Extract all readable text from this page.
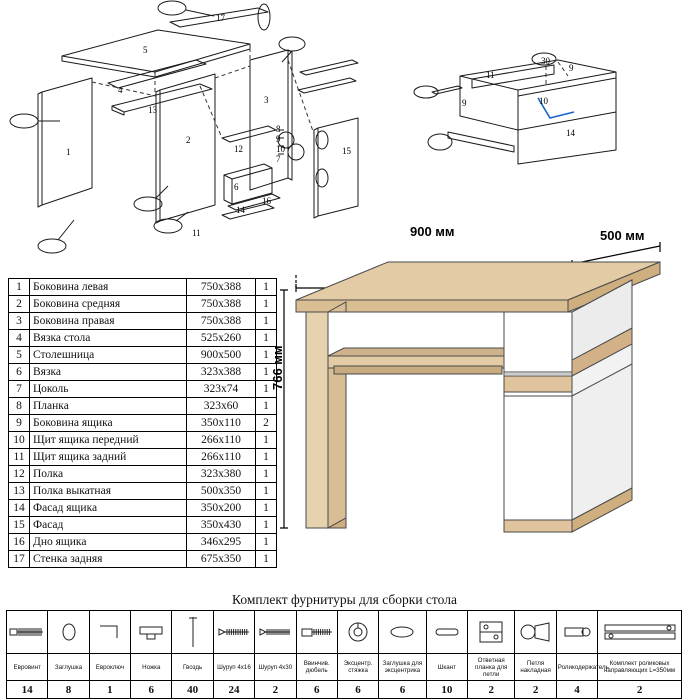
17
5
4
13
1
2
3
12
6
15
8
9
10
7
16
11
14
11
9
9	10
14
30
1	Боковина левая	750х388	1
2	Боковина средняя	750х388	1
3	Боковина правая	750х388	1
4	Вязка стола	525х260	1
5	Столешница	900х500	1
6	Вязка	323х388	1
7	Цоколь	323х74	1
8	Планка	323х60	1
9	Боковина ящика	350х110	2
10	Щит ящика передний	266х110	1
11	Щит ящика задний	266х110	1
12	Полка	323х380	1
13	Полка выкатная	500х350	1
14	Фасад ящика	350х200	1
15	Фасад	350х430	1
16	Дно ящика	346х295	1
17	Стенка задняя	675х350	1
900 мм	500 мм
766 мм
Комплект фурнитуры для сборки стола

Евровинт	Заглушка	Евроключ	Ножка	Гвоздь	Шуруп 4х16	Шуруп 4х30	Ввинчив. дюбель	Эксцентр. стяжка	Заглушка для эксцентрика	Шкант	Ответная планка для петли	Петля накладная	Роликодержатель	Комплект роликовых направляющих L=350мм
14	8	1	6	40	24	2	6	6	6	10	2	2	4	2
